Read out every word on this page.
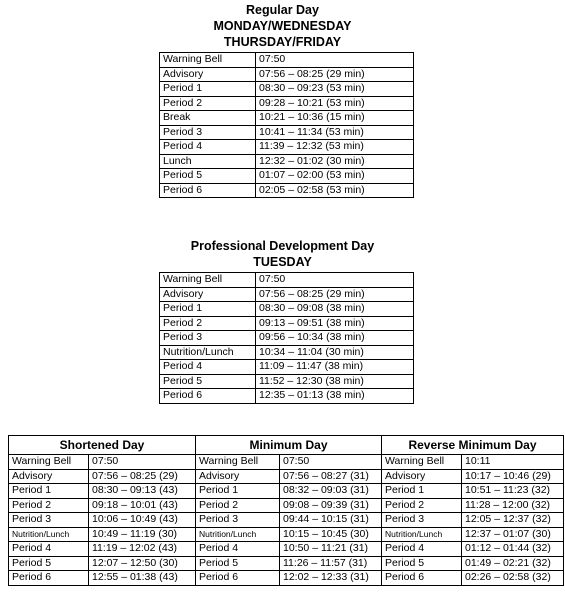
Regular Day
MONDAY/WEDNESDAY
THURSDAY/FRIDAY
Warning Bell	07:50
Advisory	07:56 – 08:25 (29 min)
Period 1	08:30 – 09:23 (53 min)
Period 2	09:28 – 10:21 (53 min)
Break	10:21 – 10:36 (15 min)
Period 3	10:41 – 11:34 (53 min)
Period 4	11:39 – 12:32 (53 min)
Lunch	12:32 – 01:02 (30 min)
Period 5	01:07 – 02:00 (53 min)
Period 6	02:05 – 02:58 (53 min)
Professional Development Day
TUESDAY
Warning Bell	07:50
Advisory	07:56 – 08:25 (29 min)
Period 1	08:30 – 09:08 (38 min)
Period 2	09:13 – 09:51 (38 min)
Period 3	09:56 – 10:34 (38 min)
Nutrition/Lunch	10:34 – 11:04 (30 min)
Period 4	11:09 – 11:47 (38 min)
Period 5	11:52 – 12:30 (38 min)
Period 6	12:35 – 01:13 (38 min)
Shortened Day		Minimum Day		Reverse Minimum Day	
Warning Bell	07:50	Warning Bell	07:50	Warning Bell	10:11
Advisory	07:56 – 08:25 (29)	Advisory	07:56 – 08:27 (31)	Advisory	10:17 – 10:46 (29)
Period 1	08:30 – 09:13 (43)	Period 1	08:32 – 09:03 (31)	Period 1	10:51 – 11:23 (32)
Period 2	09:18 – 10:01 (43)	Period 2	09:08 – 09:39 (31)	Period 2	11:28 – 12:00 (32)
Period 3	10:06 – 10:49 (43)	Period 3	09:44 – 10:15 (31)	Period 3	12:05 – 12:37 (32)
Nutrition/Lunch	10:49 – 11:19 (30)	Nutrition/Lunch	10:15 – 10:45 (30)	Nutrition/Lunch	12:37 – 01:07 (30)
Period 4	11:19 – 12:02 (43)	Period 4	10:50 – 11:21 (31)	Period 4	01:12 – 01:44 (32)
Period 5	12:07 – 12:50 (30)	Period 5	11:26 – 11:57 (31)	Period 5	01:49 – 02:21 (32)
Period 6	12:55 – 01:38 (43)	Period 6	12:02 – 12:33 (31)	Period 6	02:26 – 02:58 (32)
